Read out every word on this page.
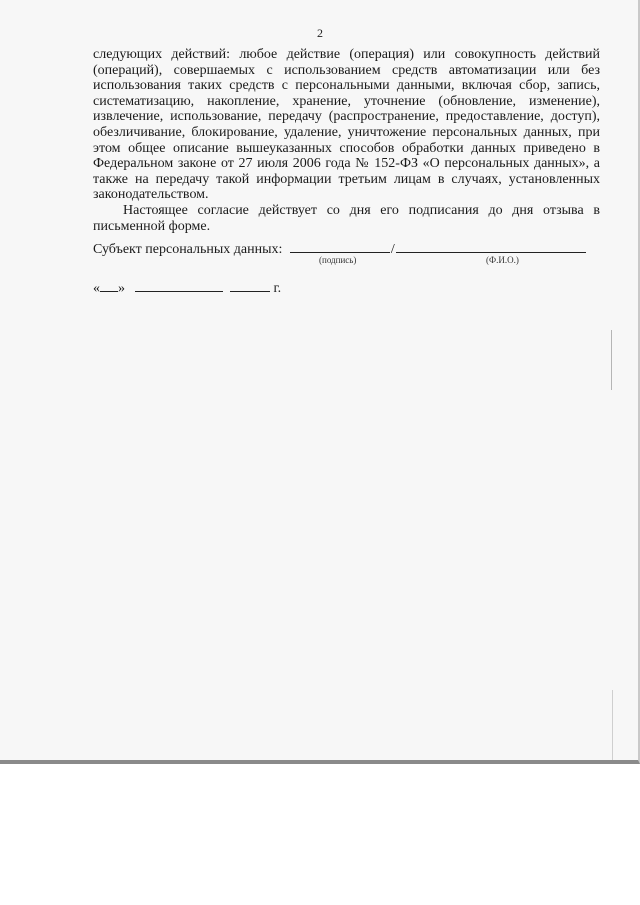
2

следующих действий: любое действие (операция) или совокупность действий (операций), совершаемых с использованием средств автоматизации или без использования таких средств с персональными данными, включая сбор, запись, систематизацию, накопление, хранение, уточнение (обновление, изменение), извлечение, использование, передачу (распространение, предоставление, доступ), обезличивание, блокирование, удаление, уничтожение персональных данных, при этом общее описание вышеуказанных способов обработки данных приведено в Федеральном законе от 27 июля 2006 года № 152-ФЗ «О персональных данных», а также на передачу такой информации третьим лицам в случаях, установленных законодательством.

Настоящее согласие действует со дня его подписания до дня отзыва в письменной форме.

Субъект персональных данных:	/
(подпись)	(Ф.И.О.)
« »	г.
